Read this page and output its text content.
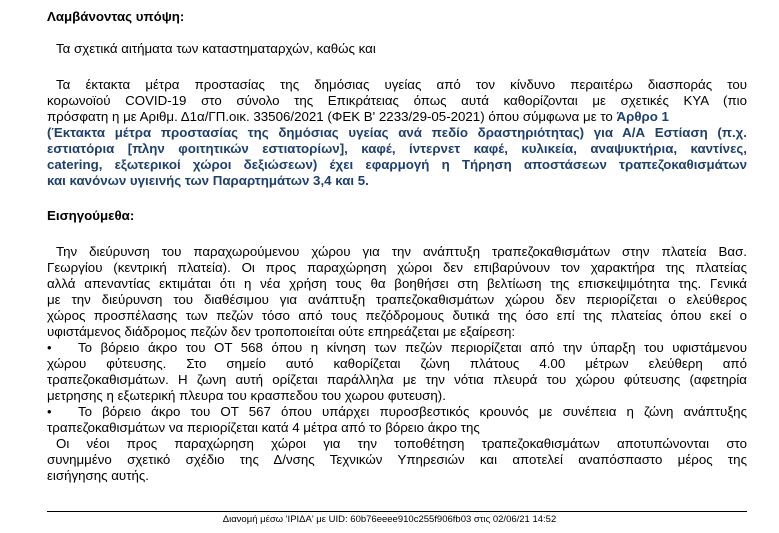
Λαμβάνοντας υπόψη:
Τα σχετικά αιτήματα των καταστηματαρχών, καθώς και
Τα έκτακτα μέτρα προστασίας της δημόσιας υγείας από τον κίνδυνο περαιτέρω διασποράς του
κορωνοϊού COVID-19 στο σύνολο της Επικράτειας όπως αυτά καθορίζονται με σχετικές ΚΥΑ (πιο
πρόσφατη η με Αριθμ. Δ1α/ΓΠ.οικ. 33506/2021 (ΦΕΚ Β' 2233/29-05-2021) όπου σύμφωνα με το Άρθρο 1
(Έκτακτα μέτρα προστασίας της δημόσιας υγείας ανά πεδίο δραστηριότητας) για Α/Α Εστίαση (π.χ.
εστιατόρια [πλην φοιτητικών εστιατορίων], καφέ, ίντερνετ καφέ, κυλικεία, αναψυκτήρια, καντίνες,
catering, εξωτερικοί χώροι δεξιώσεων) έχει εφαρμογή η Τήρηση αποστάσεων τραπεζοκαθισμάτων
και κανόνων υγιεινής των Παραρτημάτων 3,4 και 5.
Εισηγούμεθα:
Την διεύρυνση του παραχωρούμενου χώρου για την ανάπτυξη τραπεζοκαθισμάτων στην πλατεία Βασ.
Γεωργίου (κεντρική πλατεία). Οι προς παραχώρηση χώροι δεν επιβαρύνουν τον χαρακτήρα της πλατείας
αλλά απεναντίας εκτιμάται ότι η νέα χρήση τους θα βοηθήσει στη βελτίωση της επισκεψιμότητα της. Γενικά
με την διεύρυνση του διαθέσιμου για ανάπτυξη τραπεζοκαθισμάτων χώρου δεν περιορίζεται ο ελεύθερος
χώρος προσπέλασης των πεζών τόσο από τους πεζόδρομους δυτικά της όσο επί της πλατείας όπου εκεί ο
υφιστάμενος διάδρομος πεζών δεν τροποποιείται ούτε επηρεάζεται με εξαίρεση:
• Το βόρειο άκρο του ΟΤ 568 όπου η κίνηση των πεζών περιορίζεται από την ύπαρξη του υφιστάμενου
χώρου φύτευσης. Στο σημείο αυτό καθορίζεται ζώνη πλάτους 4.00 μέτρων ελεύθερη από
τραπεζοκαθισμάτων. Η ζωνη αυτή ορίζεται παράλληλα με την νότια πλευρά του χώρου φύτευσης (αφετηρία
μετρησης η εξωτερική πλευρα του κρασπεδου του χωρου φυτευση).
• Το βόρειο άκρο του ΟΤ 567 όπου υπάρχει πυροσβεστικός κρουνός με συνέπεια η ζώνη ανάπτυξης
τραπεζοκαθισμάτων να περιορίζεται κατά 4 μέτρα από το βόρειο άκρο της
Οι νέοι προς παραχώρηση χώροι για την τοποθέτηση τραπεζοκαθισμάτων αποτυπώνονται στο
συνημμένο σχετικό σχέδιο της Δ/νσης Τεχνικών Υπηρεσιών και αποτελεί αναπόσπαστο μέρος της
εισήγησης αυτής.
Διανομή μέσω 'ΙΡΙΔΑ' με UID: 60b76eeee910c255f906fb03 στις 02/06/21 14:52
